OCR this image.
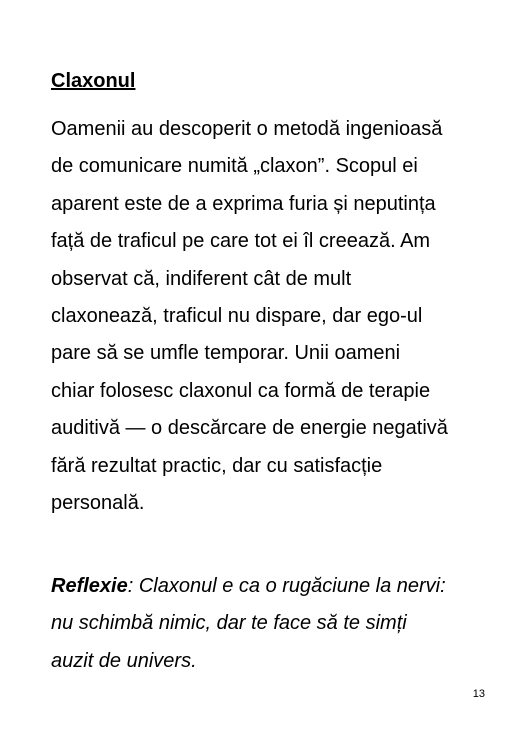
Claxonul

Oamenii au descoperit o metodă ingenioasă
de comunicare numită „claxon”. Scopul ei
aparent este de a exprima furia și neputința
față de traficul pe care tot ei îl creează. Am
observat că, indiferent cât de mult
claxonează, traficul nu dispare, dar ego-ul
pare să se umfle temporar. Unii oameni
chiar folosesc claxonul ca formă de terapie
auditivă — o descărcare de energie negativă
fără rezultat practic, dar cu satisfacție
personală.

Reflexie: Claxonul e ca o rugăciune la nervi:
nu schimbă nimic, dar te face să te simți
auzit de univers.

13
